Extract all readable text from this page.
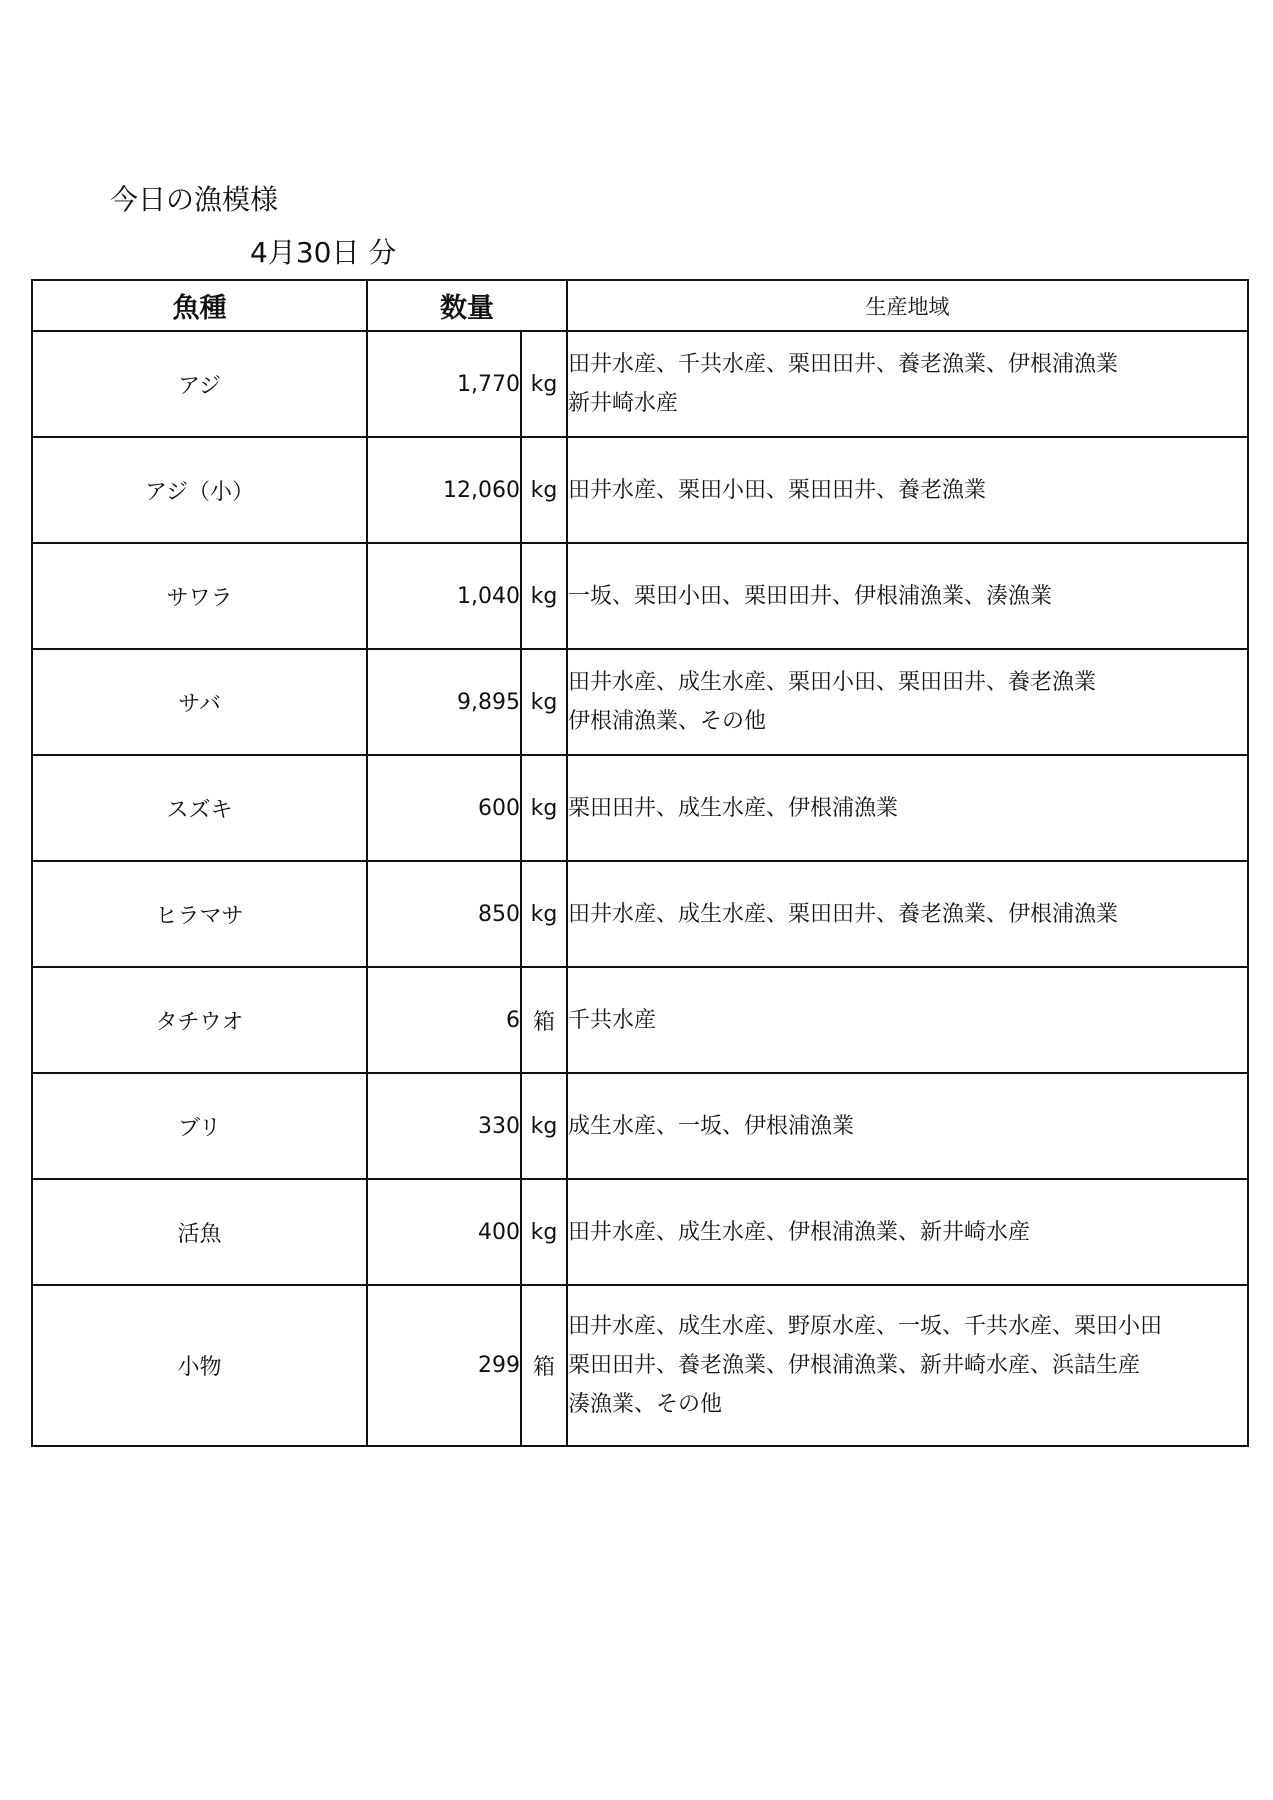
今日の漁模様
4月30日 分
魚種	数量		生産地域
アジ	1,770	kg	田井水産、千共水産、栗田田井、養老漁業、伊根浦漁業
新井崎水産

アジ（小）	12,060	kg	田井水産、栗田小田、栗田田井、養老漁業

サワラ	1,040	kg	一坂、栗田小田、栗田田井、伊根浦漁業、湊漁業

サバ	9,895	kg	田井水産、成生水産、栗田小田、栗田田井、養老漁業
伊根浦漁業、その他

スズキ	600	kg	栗田田井、成生水産、伊根浦漁業

ヒラマサ	850	kg	田井水産、成生水産、栗田田井、養老漁業、伊根浦漁業

タチウオ	6	箱	千共水産

ブリ	330	kg	成生水産、一坂、伊根浦漁業

活魚	400	kg	田井水産、成生水産、伊根浦漁業、新井崎水産

小物	299	箱	田井水産、成生水産、野原水産、一坂、千共水産、栗田小田
栗田田井、養老漁業、伊根浦漁業、新井崎水産、浜詰生産
湊漁業、その他
